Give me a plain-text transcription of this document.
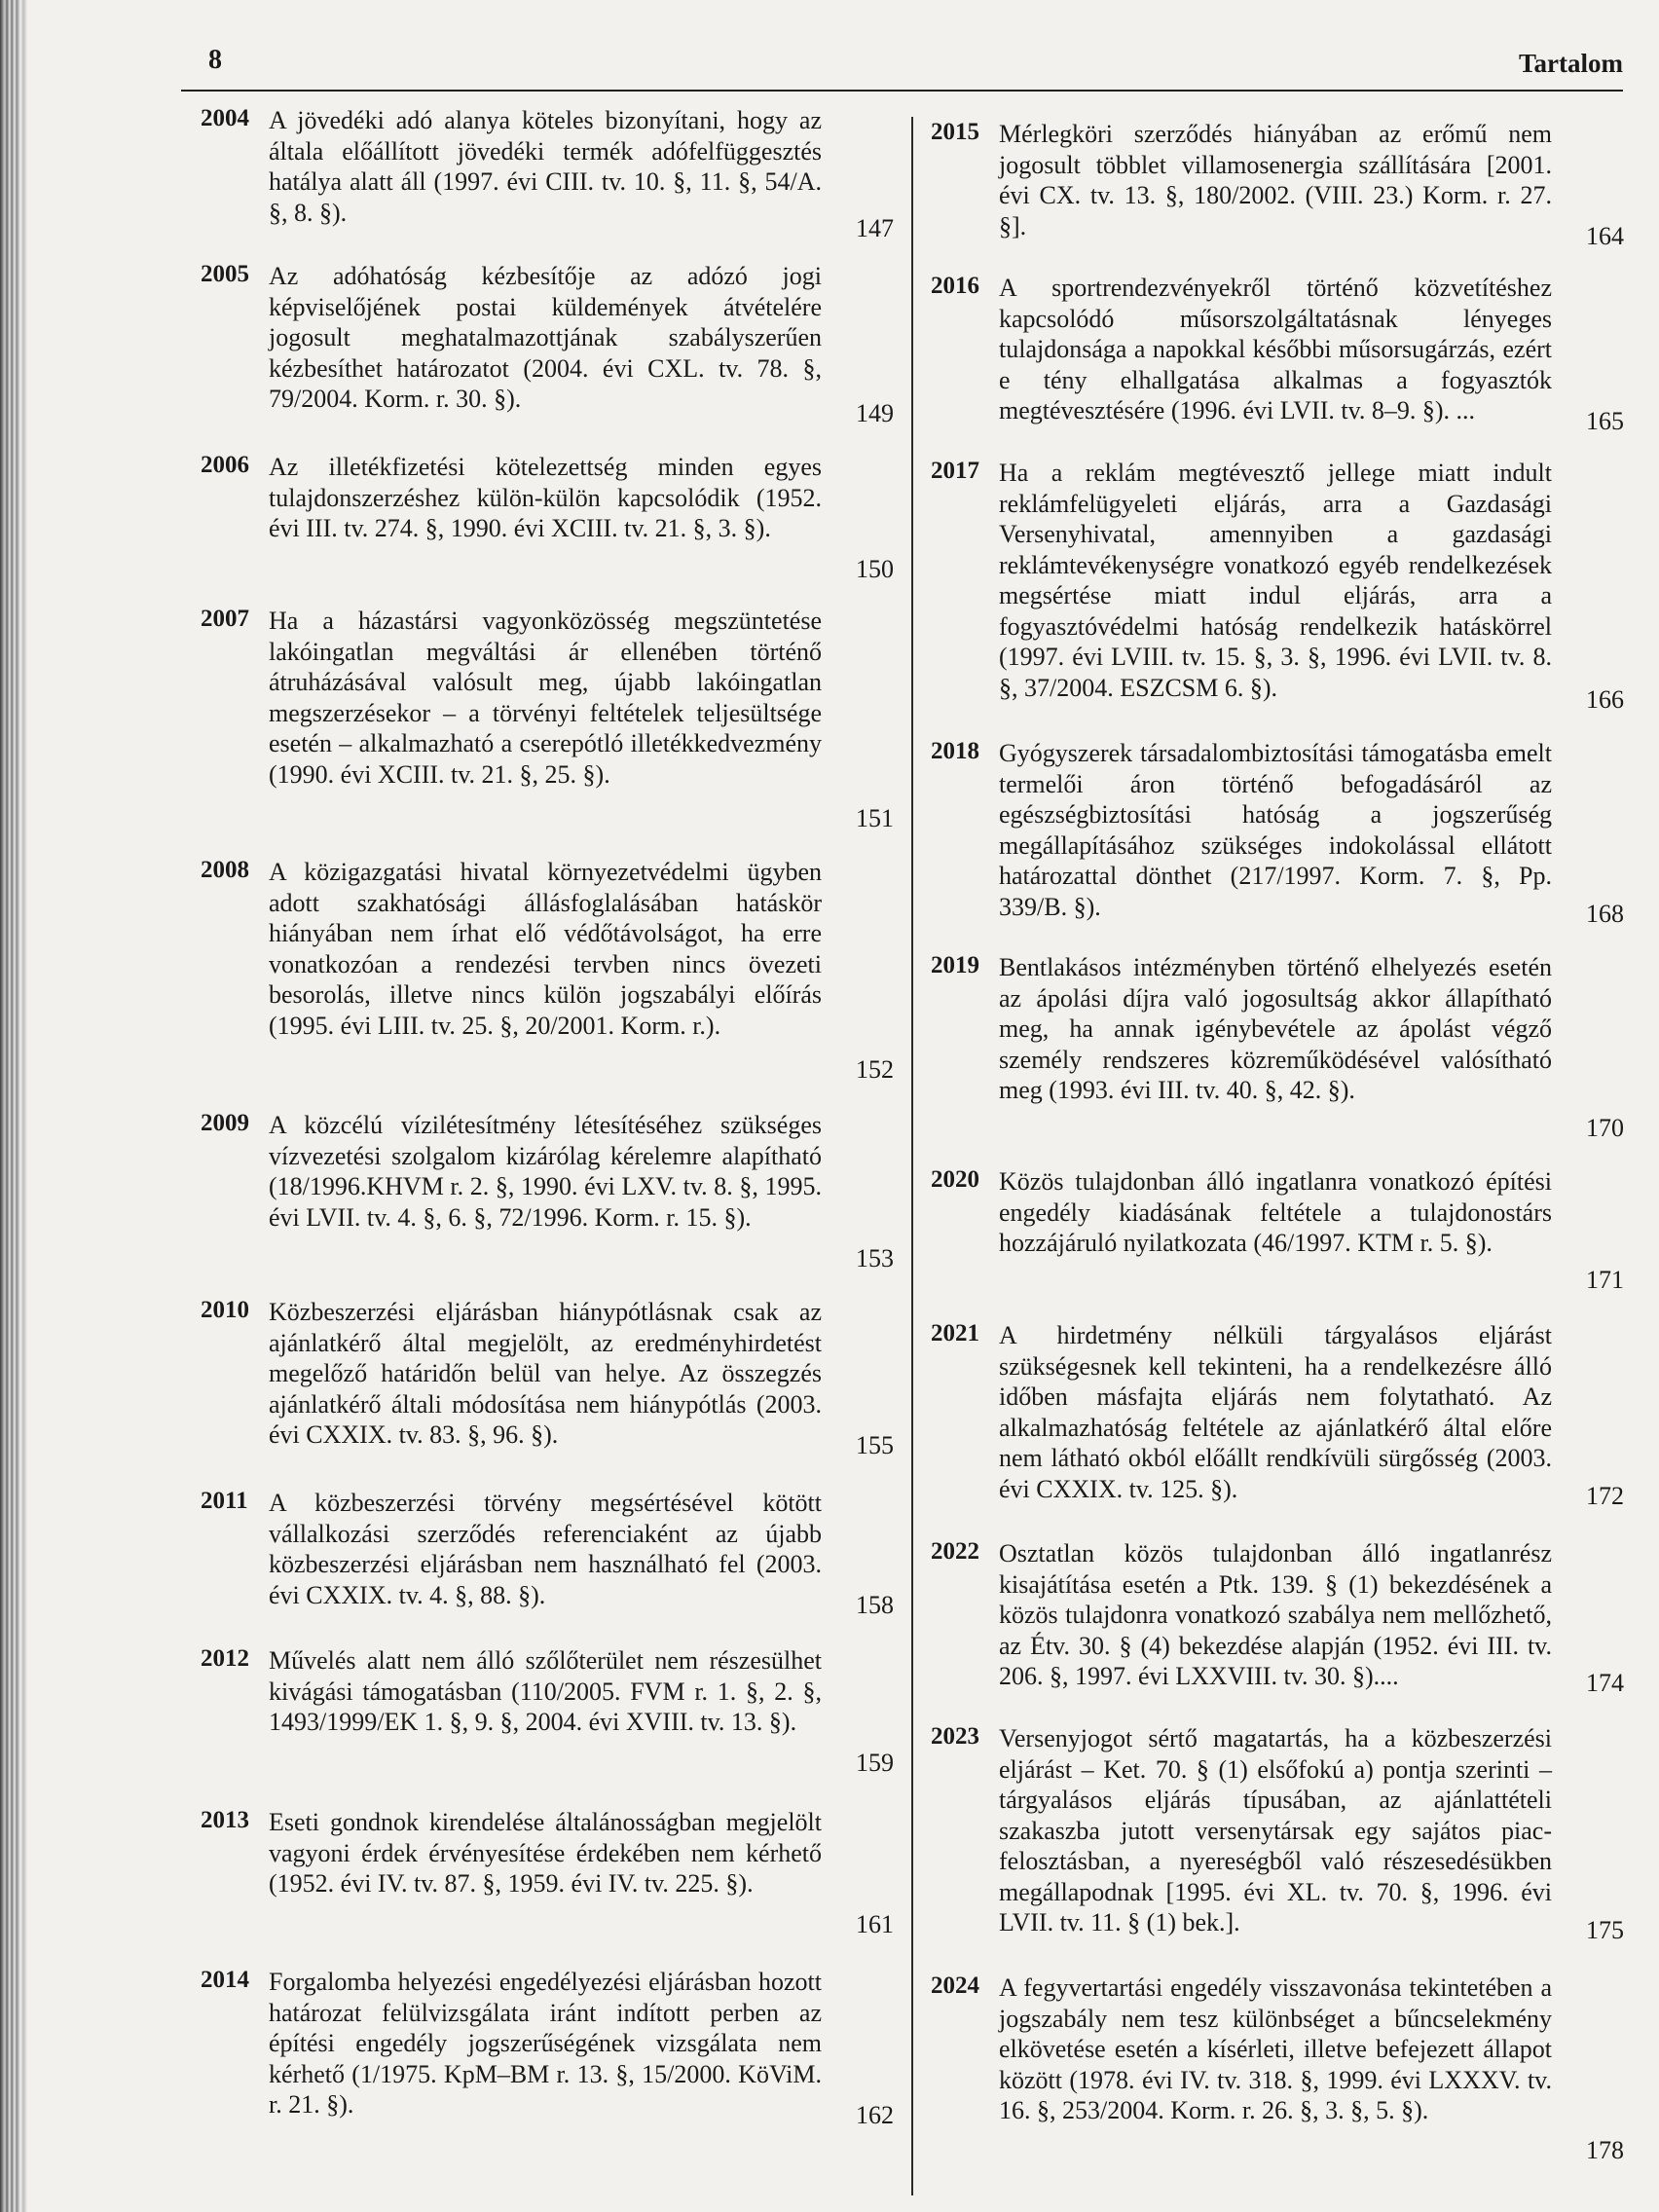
8	Tartalom
2004 A jövedéki adó alanya köteles bizonyítani, hogy az általa előállított jövedéki termék adófelfüggesztés hatálya alatt áll (1997. évi CIII. tv. 10. §, 11. §, 54/A. §, 8. §).
147
2005 Az adóhatóság kézbesítője az adózó jogi képviselőjének postai küldemények átvételére jogosult meghatalmazottjának szabályszerűen kézbesíthet határozatot (2004. évi CXL. tv. 78. §, 79/2004. Korm. r. 30. §).
149
2006 Az illetékfizetési kötelezettség minden egyes tulajdonszerzéshez külön-külön kapcsolódik (1952. évi III. tv. 274. §, 1990. évi XCIII. tv. 21. §, 3. §).
150
2007 Ha a házastársi vagyonközösség megszüntetése lakóingatlan megváltási ár ellenében történő átruházásával valósult meg, újabb lakóingatlan megszerzésekor – a törvényi feltételek teljesültsége esetén – alkalmazható a cserepótló illetékkedvezmény (1990. évi XCIII. tv. 21. §, 25. §).
151
2008 A közigazgatási hivatal környezetvédelmi ügyben adott szakhatósági állásfoglalásában hatáskör hiányában nem írhat elő védőtávolságot, ha erre vonatkozóan a rendezési tervben nincs övezeti besorolás, illetve nincs külön jogszabályi előírás (1995. évi LIII. tv. 25. §, 20/2001. Korm. r.).
152
2009 A közcélú vízilétesítmény létesítéséhez szükséges vízvezetési szolgalom kizárólag kérelemre alapítható (18/1996.KHVM r. 2. §, 1990. évi LXV. tv. 8. §, 1995. évi LVII. tv. 4. §, 6. §, 72/1996. Korm. r. 15. §).
153
2010 Közbeszerzési eljárásban hiánypótlásnak csak az ajánlatkérő által megjelölt, az eredményhirdetést megelőző határidőn belül van helye. Az összegzés ajánlatkérő általi módosítása nem hiánypótlás (2003. évi CXXIX. tv. 83. §, 96. §).	155
2011 A közbeszerzési törvény megsértésével kötött vállalkozási szerződés referenciaként az újabb közbeszerzési eljárásban nem használható fel (2003. évi CXXIX. tv. 4. §, 88. §).	158
2012 Művelés alatt nem álló szőlőterület nem részesülhet kivágási támogatásban (110/2005. FVM r. 1. §, 2. §, 1493/1999/EK 1. §, 9. §, 2004. évi XVIII. tv. 13. §).
159
2013 Eseti gondnok kirendelése általánosságban megjelölt vagyoni érdek érvényesítése érdekében nem kérhető (1952. évi IV. tv. 87. §, 1959. évi IV. tv. 225. §).
161
2014 Forgalomba helyezési engedélyezési eljárásban hozott határozat felülvizsgálata iránt indított perben az építési engedély jogszerűségének vizsgálata nem kérhető (1/1975. KpM–BM r. 13. §, 15/2000. KöViM. r. 21. §).	162
2015 Mérlegköri szerződés hiányában az erőmű nem jogosult többlet villamosenergia szállítására [2001. évi CX. tv. 13. §, 180/2002. (VIII. 23.) Korm. r. 27. §].	164
2016 A sportrendezvényekről történő közvetítéshez kapcsolódó műsorszolgáltatásnak lényeges tulajdonsága a napokkal későbbi műsorsugárzás, ezért e tény elhallgatása alkalmas a fogyasztók megtévesztésére (1996. évi LVII. tv. 8–9. §). ...	165
2017 Ha a reklám megtévesztő jellege miatt indult reklámfelügyeleti eljárás, arra a Gazdasági Versenyhivatal, amennyiben a gazdasági reklámtevékenységre vonatkozó egyéb rendelkezések megsértése miatt indul eljárás, arra a fogyasztóvédelmi hatóság rendelkezik hatáskörrel (1997. évi LVIII. tv. 15. §, 3. §, 1996. évi LVII. tv. 8. §, 37/2004. ESZCSM 6. §).	166
2018 Gyógyszerek társadalombiztosítási támogatásba emelt termelői áron történő befogadásáról az egészségbiztosítási hatóság a jogszerűség megállapításához szükséges indokolással ellátott határozattal dönthet (217/1997. Korm. 7. §, Pp. 339/B. §).	168
2019 Bentlakásos intézményben történő elhelyezés esetén az ápolási díjra való jogosultság akkor állapítható meg, ha annak igénybevétele az ápolást végző személy rendszeres közreműködésével valósítható meg (1993. évi III. tv. 40. §, 42. §).
170
2020 Közös tulajdonban álló ingatlanra vonatkozó építési engedély kiadásának feltétele a tulajdonostárs hozzájáruló nyilatkozata (46/1997. KTM r. 5. §).
171
2021 A hirdetmény nélküli tárgyalásos eljárást szükségesnek kell tekinteni, ha a rendelkezésre álló időben másfajta eljárás nem folytatható. Az alkalmazhatóság feltétele az ajánlatkérő által előre nem látható okból előállt rendkívüli sürgősség (2003. évi CXXIX. tv. 125. §).	172
2022 Osztatlan közös tulajdonban álló ingatlanrész kisajátítása esetén a Ptk. 139. § (1) bekezdésének a közös tulajdonra vonatkozó szabálya nem mellőzhető, az Étv. 30. § (4) bekezdése alapján (1952. évi III. tv. 206. §, 1997. évi LXXVIII. tv. 30. §)....	174
2023 Versenyjogot sértő magatartás, ha a közbeszerzési eljárást – Ket. 70. § (1) elsőfokú a) pontja szerinti – tárgyalásos eljárás típusában, az ajánlattételi szakaszba jutott versenytársak egy sajátos piac-felosztásban, a nyereségből való részesedésükben megállapodnak [1995. évi XL. tv. 70. §, 1996. évi LVII. tv. 11. § (1) bek.].	175
2024 A fegyvertartási engedély visszavonása tekintetében a jogszabály nem tesz különbséget a bűncselekmény elkövetése esetén a kísérleti, illetve befejezett állapot között (1978. évi IV. tv. 318. §, 1999. évi LXXXV. tv. 16. §, 253/2004. Korm. r. 26. §, 3. §, 5. §).
178
